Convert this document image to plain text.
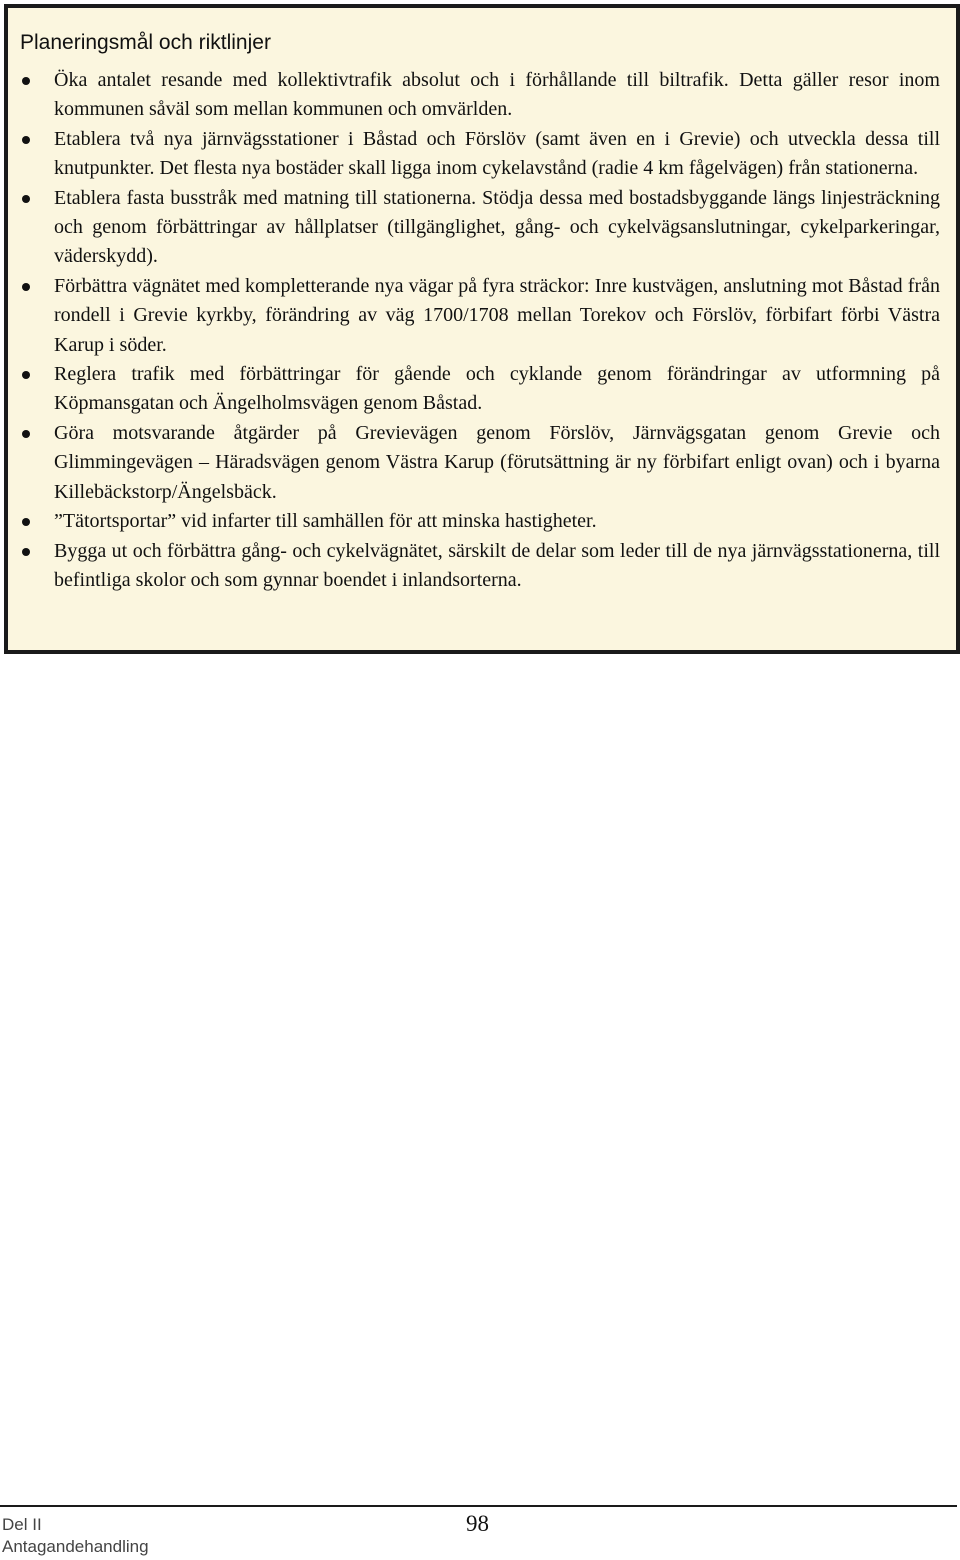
Planeringsmål och riktlinjer
Öka antalet resande med kollektivtrafik absolut och i förhållande till biltrafik. Detta gäller resor inom kommunen såväl som mellan kommunen och omvärlden.
Etablera två nya järnvägsstationer i Båstad och Förslöv (samt även en i Grevie) och utveckla dessa till knutpunkter. Det flesta nya bostäder skall ligga inom cykelavstånd (radie 4 km fågelvägen) från stationerna.
Etablera fasta busstråk med matning till stationerna. Stödja dessa med bostadsbyggande längs linjesträckning och genom förbättringar av hållplatser (tillgänglighet, gång- och cykelvägsanslutningar, cykelparkeringar, väderskydd).
Förbättra vägnätet med kompletterande nya vägar på fyra sträckor: Inre kustvägen, anslutning mot Båstad från rondell i Grevie kyrkby, förändring av väg 1700/1708 mellan Torekov och Förslöv, förbifart förbi Västra Karup i söder.
Reglera trafik med förbättringar för gående och cyklande genom förändringar av utformning på Köpmansgatan och Ängelholmsvägen genom Båstad.
Göra motsvarande åtgärder på Grevievägen genom Förslöv, Järnvägsgatan genom Grevie och Glimmingevägen – Häradsvägen genom Västra Karup (förutsättning är ny förbifart enligt ovan) och i byarna Killebäckstorp/Ängelsbäck.
”Tätortsportar” vid infarter till samhällen för att minska hastigheter.
Bygga ut och förbättra gång- och cykelvägnätet, särskilt de delar som leder till de nya järnvägsstationerna, till befintliga skolor och som gynnar boendet i inlandsorterna.
Del II
Antagandehandling
98
